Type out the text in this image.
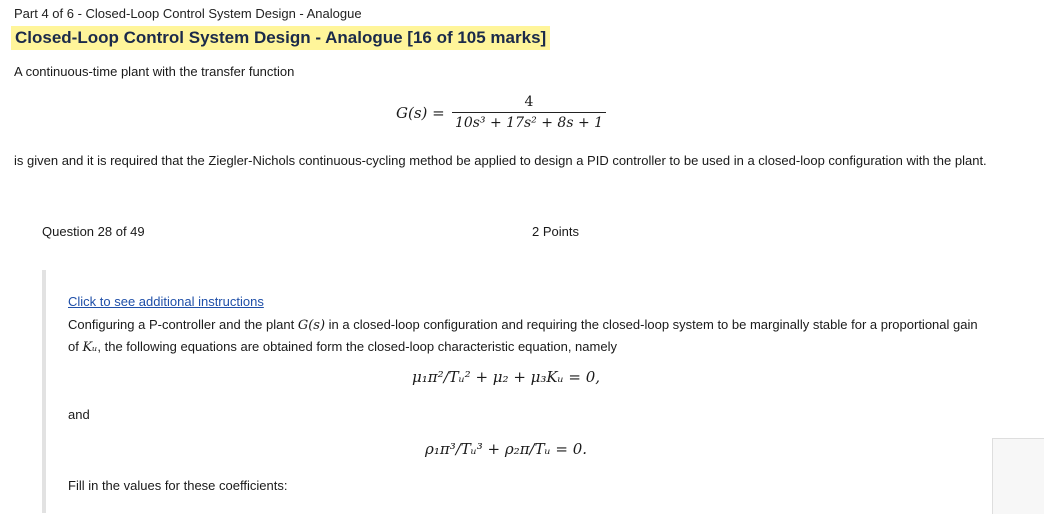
Part 4 of 6 - Closed-Loop Control System Design - Analogue
Closed-Loop Control System Design - Analogue [16 of 105 marks]
A continuous-time plant with the transfer function
G(s) =
4
10s³ + 17s² + 8s + 1
is given and it is required that the Ziegler-Nichols continuous-cycling method be applied to design a PID controller to be used in a closed-loop configuration with the plant.
Question 28 of 49	2 Points
Click to see additional instructions
Configuring a P-controller and the plant G(s) in a closed-loop configuration and requiring the closed-loop system to be marginally stable for a proportional gain of Kᵤ, the following equations are obtained form the closed-loop characteristic equation, namely
μ₁π²/Tᵤ² + μ₂ + μ₃Kᵤ = 0,
and
ρ₁π³/Tᵤ³ + ρ₂π/Tᵤ = 0.
Fill in the values for these coefficients:
